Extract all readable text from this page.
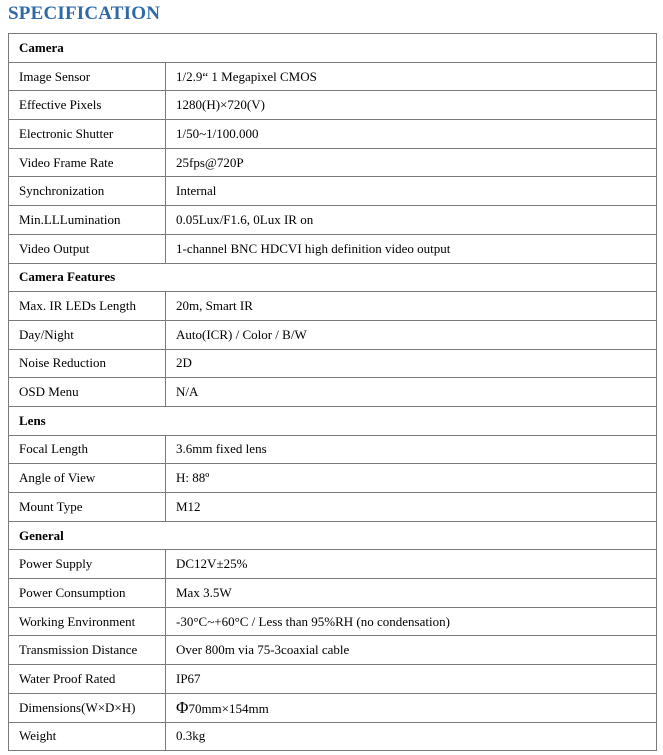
SPECIFICATION
Camera	
Image Sensor	1/2.9“ 1 Megapixel CMOS
Effective Pixels	1280(H)×720(V)
Electronic Shutter	1/50~1/100.000
Video Frame Rate	25fps@720P
Synchronization	Internal
Min.LLLumination	0.05Lux/F1.6, 0Lux IR on
Video Output	1-channel BNC HDCVI high definition video output
Camera Features	
Max. IR LEDs Length	20m, Smart IR
Day/Night	Auto(ICR) / Color / B/W
Noise Reduction	2D
OSD Menu	N/A
Lens	
Focal Length	3.6mm fixed lens
Angle of View	H: 88º
Mount Type	M12
General	
Power Supply	DC12V±25%
Power Consumption	Max 3.5W
Working Environment	-30°C~+60°C / Less than 95%RH (no condensation)
Transmission Distance	Over 800m via 75-3coaxial cable
Water Proof Rated	IP67
Dimensions(W×D×H)	Φ70mm×154mm
Weight	0.3kg
